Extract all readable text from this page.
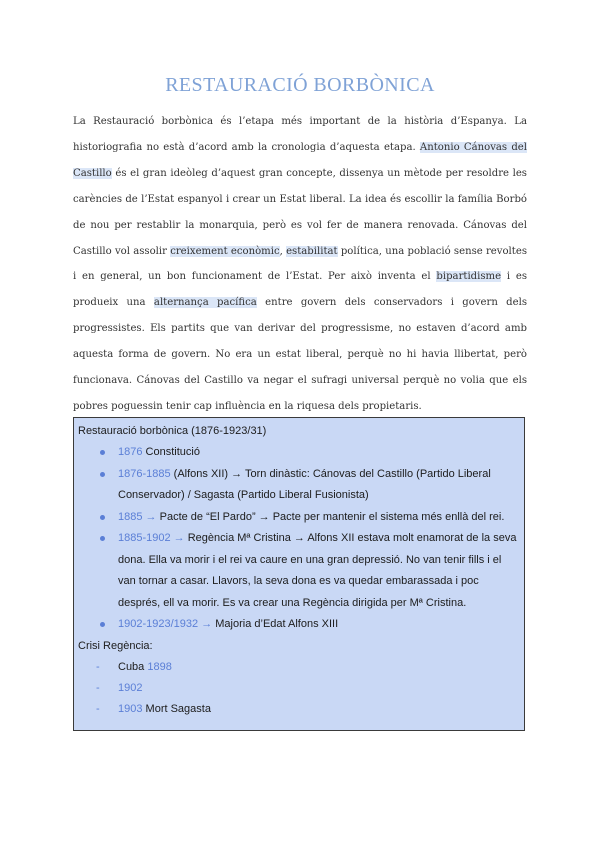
RESTAURACIÓ BORBÒNICA

La Restauració borbònica és l’etapa més important de la història d’Espanya. La historiografia no està d’acord amb la cronologia d’aquesta etapa. Antonio Cánovas del Castillo és el gran ideòleg d’aquest gran concepte, dissenya un mètode per resoldre les carències de l’Estat espanyol i crear un Estat liberal. La idea és escollir la família Borbó de nou per restablir la monarquia, però es vol fer de manera renovada. Cánovas del Castillo vol assolir creixement econòmic, estabilitat política, una població sense revoltes i en general, un bon funcionament de l’Estat. Per això inventa el bipartidisme i es produeix una alternança pacífica entre govern dels conservadors i govern dels progressistes. Els partits que van derivar del progressisme, no estaven d’acord amb aquesta forma de govern. No era un estat liberal, perquè no hi havia llibertat, però funcionava. Cánovas del Castillo va negar el sufragi universal perquè no volia que els pobres poguessin tenir cap influència en la riquesa dels propietaris.

Restauració borbònica (1876-1923/31)
1876 Constitució
1876-1885 (Alfons XII) → Torn dinàstic: Cánovas del Castillo (Partido Liberal Conservador) / Sagasta (Partido Liberal Fusionista)
1885 → Pacte de “El Pardo” → Pacte per mantenir el sistema més enllà del rei.
1885-1902 → Regència Mª Cristina → Alfons XII estava molt enamorat de la seva dona. Ella va morir i el rei va caure en una gran depressió. No van tenir fills i el van tornar a casar. Llavors, la seva dona es va quedar embarassada i poc després, ell va morir. Es va crear una Regència dirigida per Mª Cristina.
1902-1923/1932 → Majoria d’Edat Alfons XIII
Crisi Regència:
- Cuba 1898
- 1902
- 1903 Mort Sagasta
